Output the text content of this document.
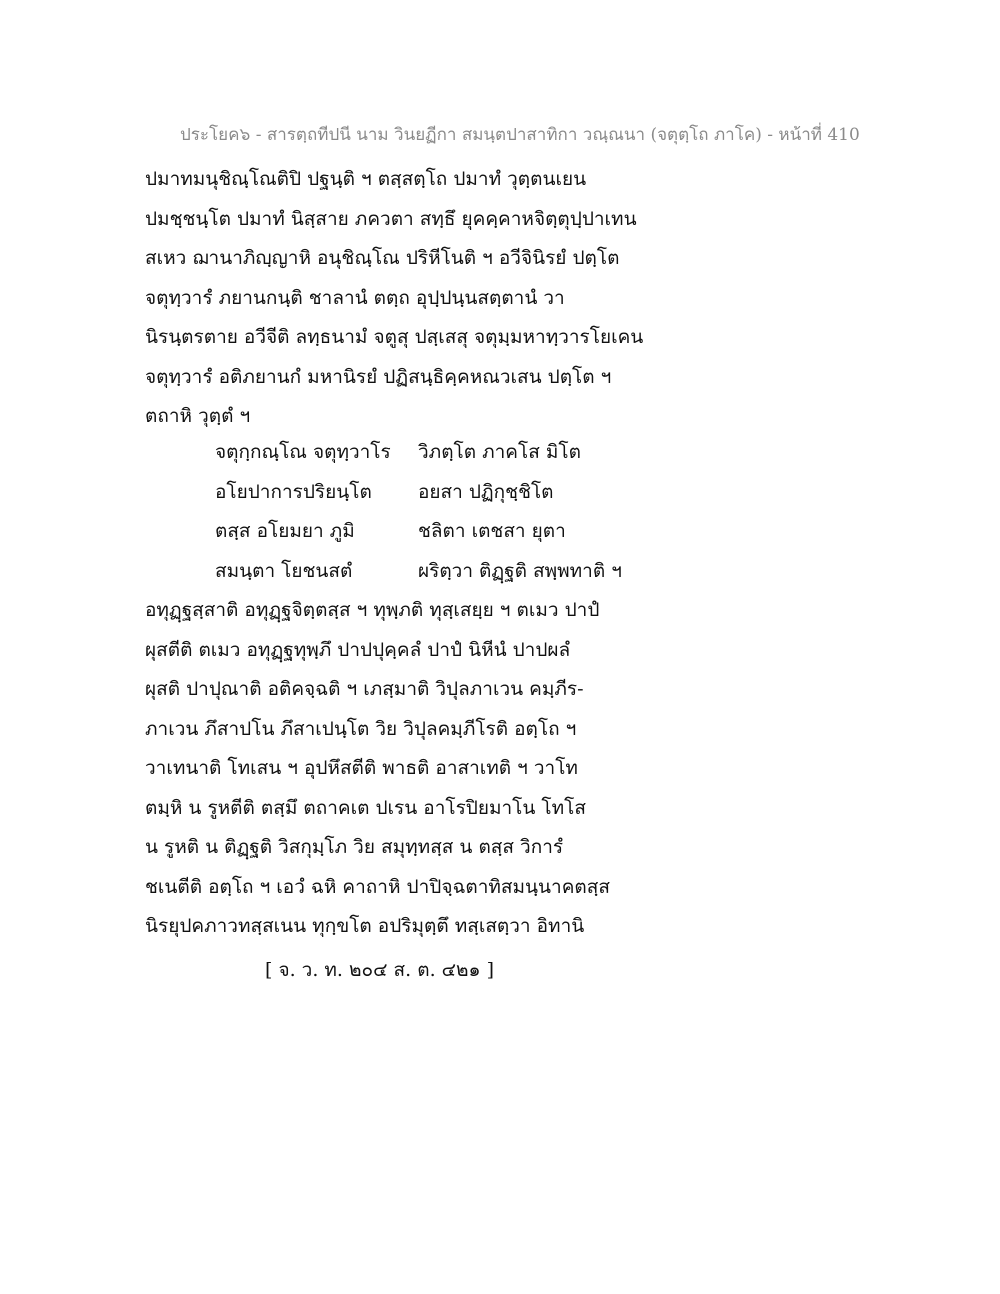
ประโยค๖ - สารตฺถทีปนี นาม วินยฏีกา สมนฺตปาสาทิกา วณฺณนา (จตุตฺโถ ภาโค) - หน้าที่ 410
ปมาทมนุชิณฺโณติปิ ปฐนฺติ ฯ ตสฺสตฺโถ ปมาทํ วุตฺตนเยน
ปมชฺชนฺโต ปมาทํ นิสฺสาย ภควตา สทฺธึ ยุคคฺคาหจิตฺตุปฺปาเทน
สเหว ฌานาภิญฺญาหิ อนุชิณฺโณ ปริหีโนติ ฯ อวีจินิรยํ ปตฺโต
จตุทฺวารํ ภยานกนฺติ ชาลานํ ตตฺถ อุปฺปนฺนสตฺตานํ วา
นิรนฺตรตาย อวีจีติ ลทฺธนามํ จตูสุ ปสฺเสสุ จตุมฺมหาทฺวารโยเคน
จตุทฺวารํ อติภยานกํ มหานิรยํ ปฏิสนฺธิคฺคหณวเสน ปตฺโต ฯ
ตถาหิ วุตฺตํ ฯ
จตุกฺกณฺโณ จตุทฺวาโร วิภตฺโต ภาคโส มิโต
อโยปาการปริยนฺโต อยสา ปฏิกุชฺชิโต
ตสฺส อโยมยา ภูมิ	ชลิตา เตชสา ยุตา
สมนฺตา โยชนสตํ	ผริตฺวา ติฏฺฐติ สพฺพทาติ ฯ
อทุฏฺฐสฺสาติ อทุฏฺฐจิตฺตสฺส ฯ ทุพฺภติ ทุสฺเสยฺย ฯ ตเมว ปาปํ
ผุสตีติ ตเมว อทุฏฺฐทุพฺภึ ปาปปุคฺคลํ ปาปํ นิหีนํ ปาปผลํ
ผุสติ ปาปุณาติ อติคจฺฉติ ฯ เภสฺมาติ วิปุลภาเวน คมฺภีร-
ภาเวน ภึสาปโน ภึสาเปนฺโต วิย วิปุลคมฺภีโรติ อตฺโถ ฯ
วาเทนาติ โทเสน ฯ อุปหึสตีติ พาธติ อาสาเทติ ฯ วาโท
ตมฺหิ น รูหตีติ ตสฺมึ ตถาคเต ปเรน อาโรปิยมาโน โทโส
น รูหติ น ติฏฺฐติ วิสกุมฺโภ วิย สมุทฺทสฺส น ตสฺส วิการํ
ชเนตีติ อตฺโถ ฯ เอวํ ฉหิ คาถาหิ ปาปิจฺฉตาทิสมนฺนาคตสฺส
นิรยุปคภาวทสฺสเนน ทุกฺขโต อปริมุตฺตึ ทสฺเสตฺวา อิทานิ
[ จ. ว. ท. ๒๐๔ ส. ต. ๔๒๑ ]
